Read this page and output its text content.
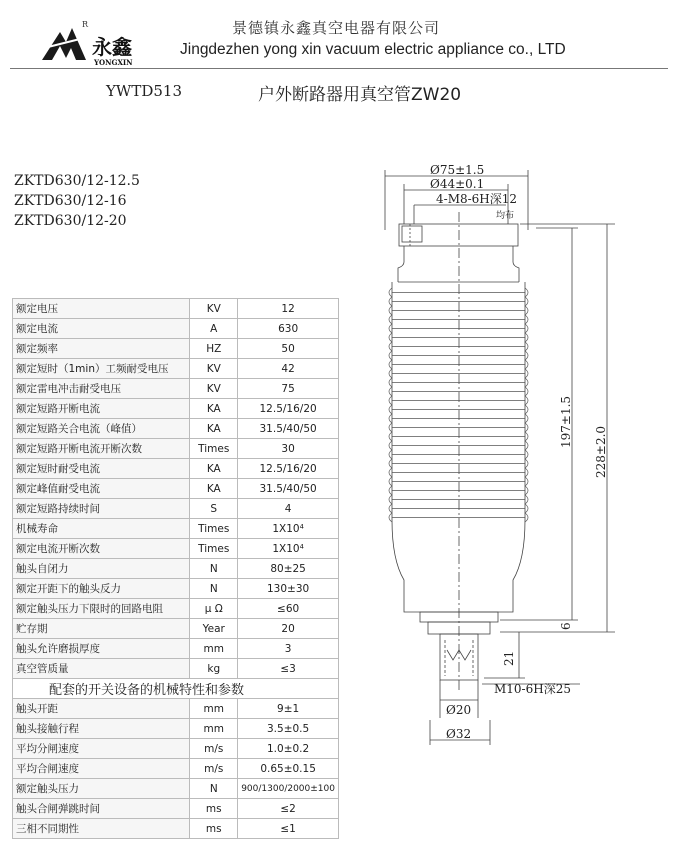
R
永鑫
YONGXIN
景德镇永鑫真空电器有限公司
Jingdezhen yong xin vacuum electric appliance co., LTD
YWTD513	户外断路器用真空管ZW20
ZKTD630/12-12.5
ZKTD630/12-16
ZKTD630/12-20
额定电压	KV	12
额定电流	A	630
额定频率	HZ	50
额定短时（1min）工频耐受电压	KV	42
额定雷电冲击耐受电压	KV	75
额定短路开断电流	KA	12.5/16/20
额定短路关合电流（峰值）	KA	31.5/40/50
额定短路开断电流开断次数	Times	30
额定短时耐受电流	KA	12.5/16/20
额定峰值耐受电流	KA	31.5/40/50
额定短路持续时间	S	4
机械寿命	Times	1X10⁴
额定电流开断次数	Times	1X10⁴
触头自闭力	N	80±25
额定开距下的触头反力	N	130±30
额定触头压力下限时的回路电阻	μ Ω	≤60
贮存期	Year	20
触头允许磨损厚度	mm	3
真空管质量	kg	≤3
配套的开关设备的机械特性和参数		
触头开距	mm	9±1
触头接触行程	mm	3.5±0.5
平均分闸速度	m/s	1.0±0.2
平均合闸速度	m/s	0.65±0.15
额定触头压力	N	900/1300/2000±100
触头合闸弹跳时间	ms	≤2
三相不同期性	ms	≤1
Ø75±1.5
Ø44±0.1
4-M8-6H深12
均布
197±1.5
228±2.0
6
21
M10-6H深25
Ø20
Ø32
